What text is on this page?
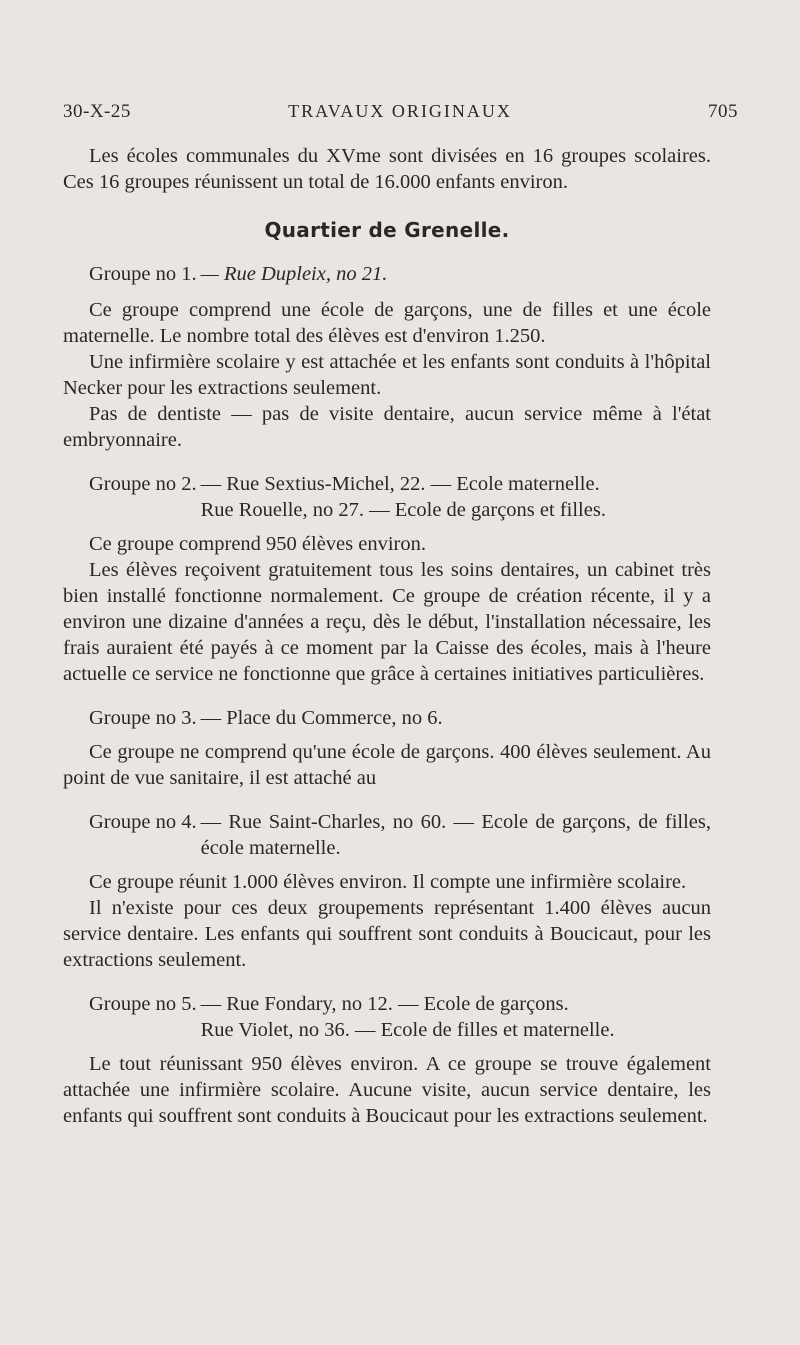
TRAVAUX ORIGINAUX
30-X-25	705

Les écoles communales du XVme sont divisées en 16 groupes scolaires. Ces 16 groupes réunissent un total de 16.000 enfants environ.

Quartier de Grenelle.
Groupe no 1. — Rue Dupleix, no 21.

Ce groupe comprend une école de garçons, une de filles et une école maternelle. Le nombre total des élèves est d'environ 1.250.

Une infirmière scolaire y est attachée et les enfants sont conduits à l'hôpital Necker pour les extractions seulement.

Pas de dentiste — pas de visite dentaire, aucun service même à l'état embryonnaire.

Groupe no 2. — Rue Sextius-Michel, 22. — Ecole maternelle.
Rue Rouelle, no 27. — Ecole de garçons et filles.

Ce groupe comprend 950 élèves environ.

Les élèves reçoivent gratuitement tous les soins dentaires, un cabinet très bien installé fonctionne normalement. Ce groupe de création récente, il y a environ une dizaine d'années a reçu, dès le début, l'installation nécessaire, les frais auraient été payés à ce moment par la Caisse des écoles, mais à l'heure actuelle ce service ne fonctionne que grâce à certaines initiatives particulières.

Groupe no 3. — Place du Commerce, no 6.

Ce groupe ne comprend qu'une école de garçons. 400 élèves seulement. Au point de vue sanitaire, il est attaché au

Groupe no 4. — Rue Saint-Charles, no 60. — Ecole de garçons, de filles, école maternelle.

Ce groupe réunit 1.000 élèves environ. Il compte une infirmière scolaire.

Il n'existe pour ces deux groupements représentant 1.400 élèves aucun service dentaire. Les enfants qui souffrent sont conduits à Boucicaut, pour les extractions seulement.

Groupe no 5. — Rue Fondary, no 12. — Ecole de garçons.
Rue Violet, no 36. — Ecole de filles et maternelle.

Le tout réunissant 950 élèves environ. A ce groupe se trouve également attachée une infirmière scolaire. Aucune visite, aucun service dentaire, les enfants qui souffrent sont conduits à Boucicaut pour les extractions seulement.
